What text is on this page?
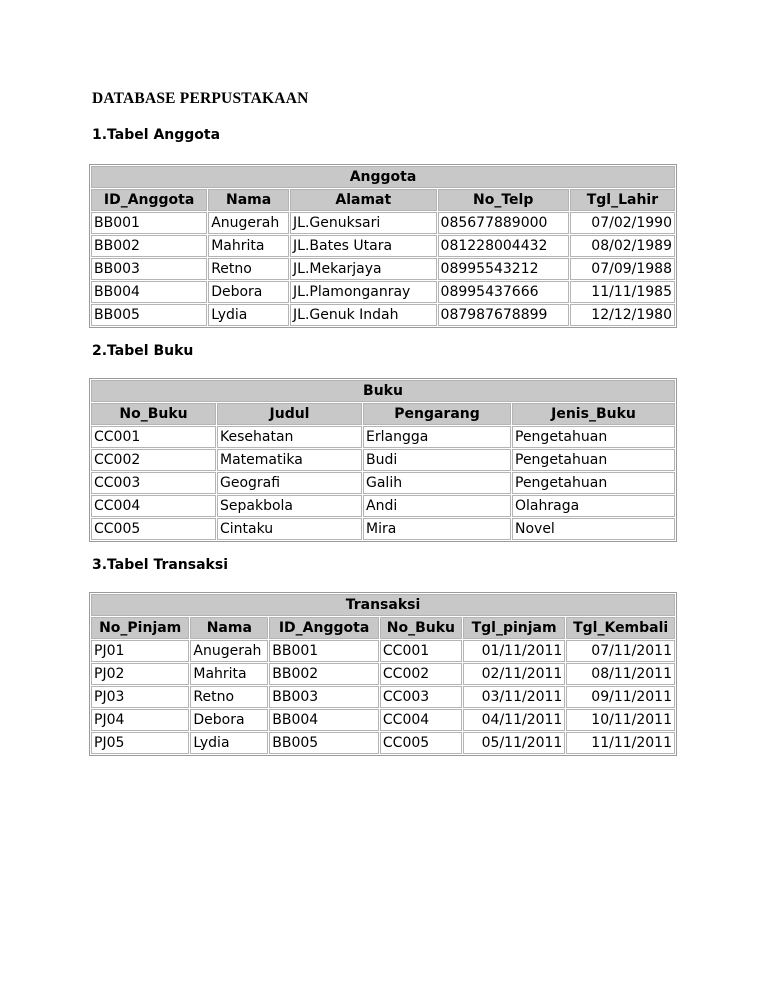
DATABASE PERPUSTAKAAN
1.Tabel Anggota
Anggota				
ID_Anggota	Nama	Alamat	No_Telp	Tgl_Lahir
BB001	Anugerah	JL.Genuksari	085677889000	07/02/1990
BB002	Mahrita	JL.Bates Utara	081228004432	08/02/1989
BB003	Retno	JL.Mekarjaya	08995543212	07/09/1988
BB004	Debora	JL.Plamonganray	08995437666	11/11/1985
BB005	Lydia	JL.Genuk Indah	087987678899	12/12/1980
2.Tabel Buku
Buku			
No_Buku	Judul	Pengarang	Jenis_Buku
CC001	Kesehatan	Erlangga	Pengetahuan
CC002	Matematika	Budi	Pengetahuan
CC003	Geografi	Galih	Pengetahuan
CC004	Sepakbola	Andi	Olahraga
CC005	Cintaku	Mira	Novel
3.Tabel Transaksi
Transaksi					
No_Pinjam	Nama	ID_Anggota	No_Buku	Tgl_pinjam	Tgl_Kembali
PJ01	Anugerah	BB001	CC001	01/11/2011	07/11/2011
PJ02	Mahrita	BB002	CC002	02/11/2011	08/11/2011
PJ03	Retno	BB003	CC003	03/11/2011	09/11/2011
PJ04	Debora	BB004	CC004	04/11/2011	10/11/2011
PJ05	Lydia	BB005	CC005	05/11/2011	11/11/2011
